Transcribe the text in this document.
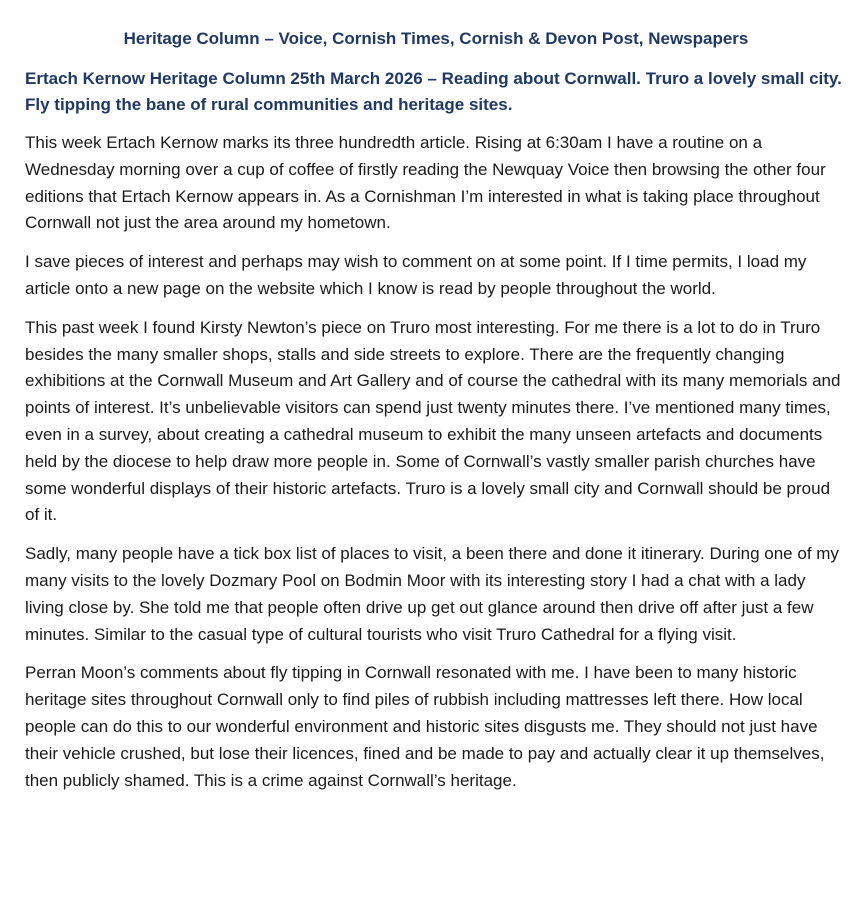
Heritage Column – Voice, Cornish Times, Cornish & Devon Post, Newspapers
Ertach Kernow Heritage Column 25th March 2026 – Reading about Cornwall. Truro a lovely small city. Fly tipping the bane of rural communities and heritage sites.

This week Ertach Kernow marks its three hundredth article. Rising at 6:30am I have a routine on a Wednesday morning over a cup of coffee of firstly reading the Newquay Voice then browsing the other four editions that Ertach Kernow appears in. As a Cornishman I’m interested in what is taking place throughout Cornwall not just the area around my hometown.

I save pieces of interest and perhaps may wish to comment on at some point. If I time permits, I load my article onto a new page on the website which I know is read by people throughout the world.

This past week I found Kirsty Newton’s piece on Truro most interesting. For me there is a lot to do in Truro besides the many smaller shops, stalls and side streets to explore. There are the frequently changing exhibitions at the Cornwall Museum and Art Gallery and of course the cathedral with its many memorials and points of interest. It’s unbelievable visitors can spend just twenty minutes there. I’ve mentioned many times, even in a survey, about creating a cathedral museum to exhibit the many unseen artefacts and documents held by the diocese to help draw more people in. Some of Cornwall’s vastly smaller parish churches have some wonderful displays of their historic artefacts. Truro is a lovely small city and Cornwall should be proud of it.

Sadly, many people have a tick box list of places to visit, a been there and done it itinerary. During one of my many visits to the lovely Dozmary Pool on Bodmin Moor with its interesting story I had a chat with a lady living close by. She told me that people often drive up get out glance around then drive off after just a few minutes. Similar to the casual type of cultural tourists who visit Truro Cathedral for a flying visit.

Perran Moon’s comments about fly tipping in Cornwall resonated with me. I have been to many historic heritage sites throughout Cornwall only to find piles of rubbish including mattresses left there. How local people can do this to our wonderful environment and historic sites disgusts me. They should not just have their vehicle crushed, but lose their licences, fined and be made to pay and actually clear it up themselves, then publicly shamed. This is a crime against Cornwall’s heritage.
